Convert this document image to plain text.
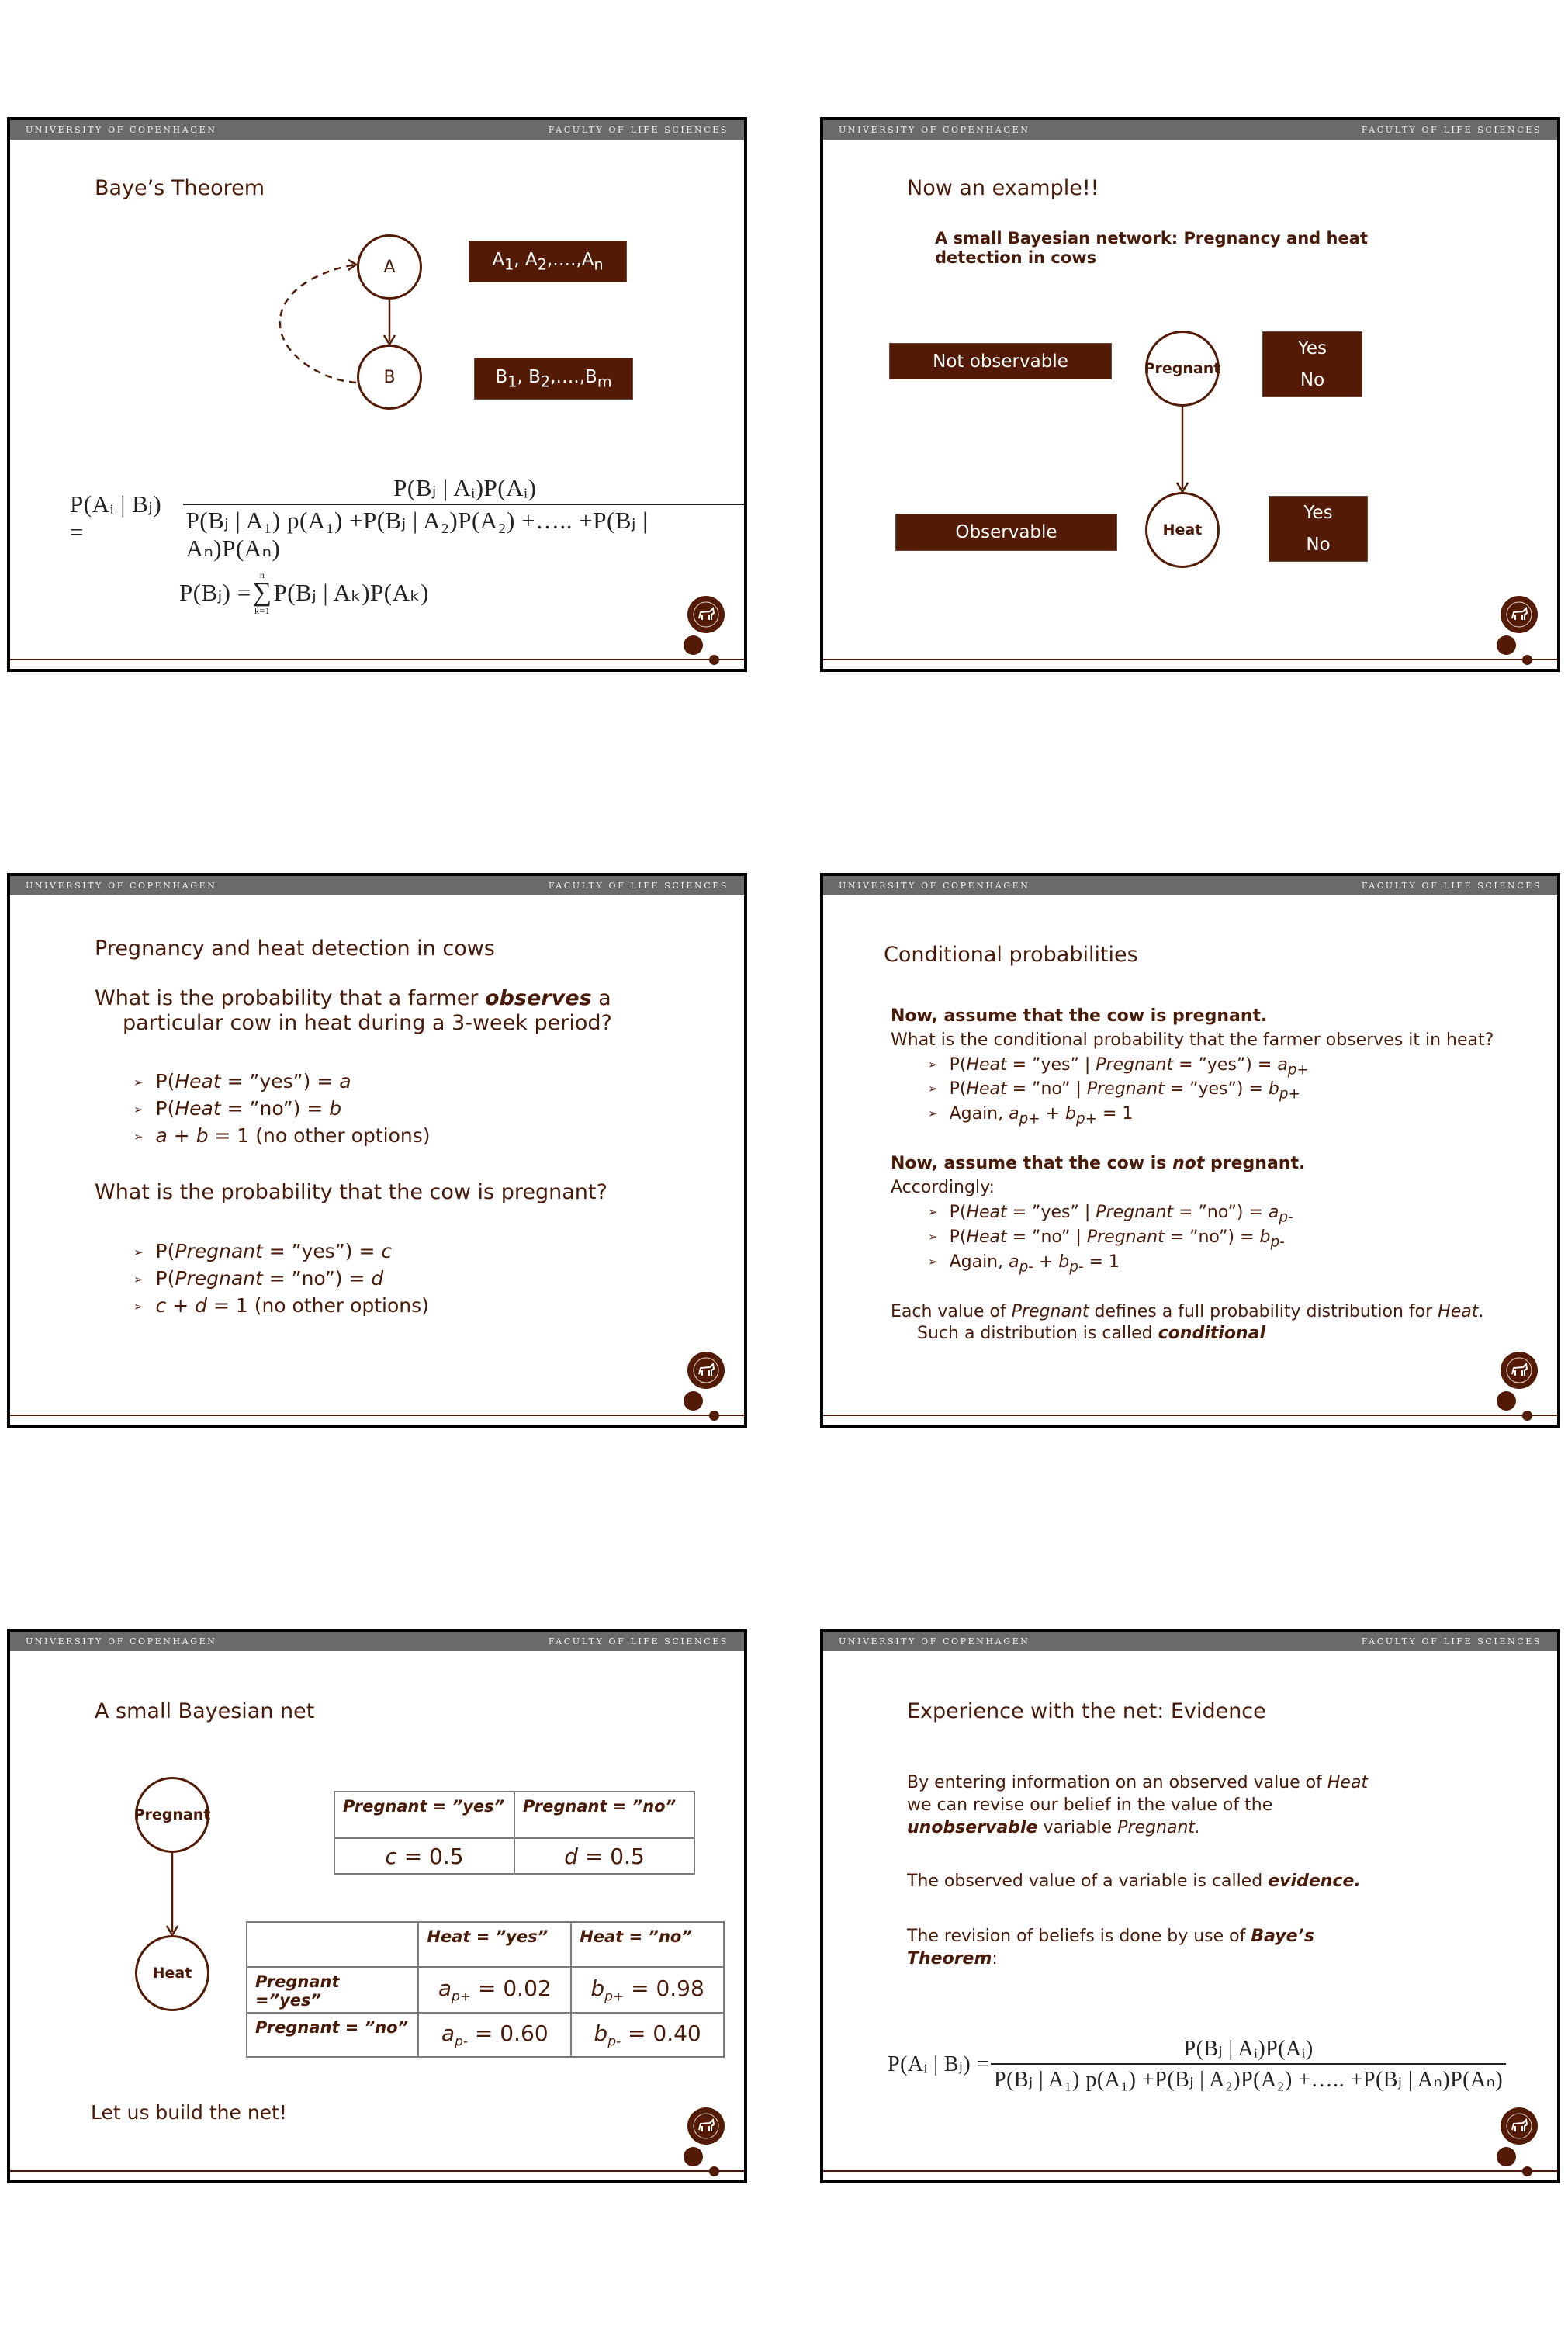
UNIVERSITY OF COPENHAGEN	FACULTY OF LIFE SCIENCES
Baye’s Theorem
A
B
$A_1$, $A_2,\dots.,A_n$
$B_1$, $B_2,\dots.,B_m$
P(Aᵢ | Bⱼ) =	$\frac{\text{P(Bⱼ | Aᵢ)P(Aᵢ)}}{\text{P(Bⱼ | A₁) p(A₁) +P(Bⱼ | A₂)P(A₂) +….. +P(Bⱼ | Aₙ)P(Aₙ)}}$
P(Bⱼ) =
n
∑
k=1
P(Bⱼ | Aₖ)P(Aₖ)
UNIVERSITY OF COPENHAGEN	FACULTY OF LIFE SCIENCES
Now an example!!
A small Bayesian network: Pregnancy and heat
detection in cows
Not observable	Pregnant
Yes
No
Observable	Heat
Yes
No
UNIVERSITY OF COPENHAGEN	FACULTY OF LIFE SCIENCES
Pregnancy and heat detection in cows
What is the probability that a farmer observes a
particular cow in heat during a 3-week period?
➢ P(Heat = ”yes”) = a
➢ P(Heat = ”no”) = b
➢ a + b = 1 (no other options)
What is the probability that the cow is pregnant?
➢ P(Pregnant = ”yes”) = c
➢ P(Pregnant = ”no”) = d
➢ c + d = 1 (no other options)
UNIVERSITY OF COPENHAGEN	FACULTY OF LIFE SCIENCES
Conditional probabilities
Now, assume that the cow is pregnant.
What is the conditional probability that the farmer observes it in heat?
➢ P(Heat = ”yes” | Pregnant = ”yes”) = $a_{p+}$
➢ P(Heat = ”no” | Pregnant = ”yes”) = $b_{p+}$
➢ Again, $a_{p+} + b_{p+} = 1$
Now, assume that the cow is not pregnant.
Accordingly:
➢ P(Heat = ”yes” | Pregnant = ”no”) = $a_{p-}$
➢ P(Heat = ”no” | Pregnant = ”no”) = $b_{p-}$
➢ Again, $a_{p-} + b_{p-} = 1$
Each value of Pregnant defines a full probability distribution for Heat.
Such a distribution is called conditional
UNIVERSITY OF COPENHAGEN	FACULTY OF LIFE SCIENCES
A small Bayesian net
Pregnant
Heat
Pregnant = ”yes”	Pregnant = ”no”
c = 0.5	d = 0.5
	Heat = ”yes”	Heat = ”no”
Pregnant =”yes”	$a_{p+} = 0.02$	$b_{p+} = 0.98$
Pregnant = ”no”	$a_{p-} = 0.60$	$b_{p-} = 0.40$
Let us build the net!
UNIVERSITY OF COPENHAGEN	FACULTY OF LIFE SCIENCES
Experience with the net: Evidence
By entering information on an observed value of Heat
we can revise our belief in the value of the
unobservable variable Pregnant.
The observed value of a variable is called evidence.
The revision of beliefs is done by use of Baye’s
Theorem:
P(Aᵢ | Bⱼ) = $\frac{\text{P(Bⱼ | Aᵢ)P(Aᵢ)}}{\text{P(Bⱼ | A₁) p(A₁) +P(Bⱼ | A₂)P(A₂) +….. +P(Bⱼ | Aₙ)P(Aₙ)}}$
